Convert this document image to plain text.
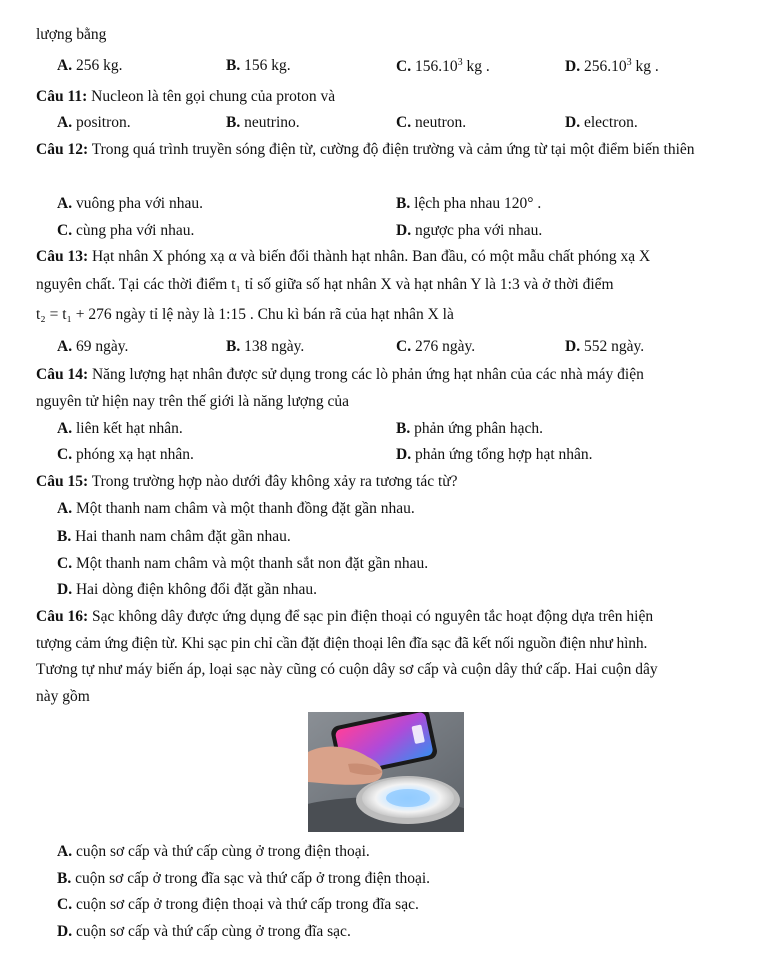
lượng bằng
A. 256 kg.	B. 156 kg.	C. 156.10$^3$ kg .	D. 256.10$^3$ kg .
Câu 11: Nucleon là tên gọi chung của proton và
A. positron.	B. neutrino.	C. neutron.	D. electron.
Câu 12: Trong quá trình truyền sóng điện từ, cường độ điện trường và cảm ứng từ tại một điểm biến thiên
A. vuông pha với nhau.	B. lệch pha nhau 120° .
C. cùng pha với nhau.	D. ngược pha với nhau.
Câu 13: Hạt nhân X phóng xạ α và biến đổi thành hạt nhân. Ban đầu, có một mẫu chất phóng xạ X
nguyên chất. Tại các thời điểm t₁ tỉ số giữa số hạt nhân X và hạt nhân Y là 1:3 và ở thời điểm
t₂ = t₁ + 276 ngày tỉ lệ này là 1:15 . Chu kì bán rã của hạt nhân X là
A. 69 ngày.	B. 138 ngày.	C. 276 ngày.	D. 552 ngày.
Câu 14: Năng lượng hạt nhân được sử dụng trong các lò phản ứng hạt nhân của các nhà máy điện
nguyên tử hiện nay trên thế giới là năng lượng của
A. liên kết hạt nhân.	B. phản ứng phân hạch.
C. phóng xạ hạt nhân.	D. phản ứng tổng hợp hạt nhân.
Câu 15: Trong trường hợp nào dưới đây không xảy ra tương tác từ?
A. Một thanh nam châm và một thanh đồng đặt gần nhau.
B. Hai thanh nam châm đặt gần nhau.
C. Một thanh nam châm và một thanh sắt non đặt gần nhau.
D. Hai dòng điện không đổi đặt gần nhau.
Câu 16: Sạc không dây được ứng dụng để sạc pin điện thoại có nguyên tắc hoạt động dựa trên hiện
tượng cảm ứng điện từ. Khi sạc pin chỉ cần đặt điện thoại lên đĩa sạc đã kết nối nguồn điện như hình.
Tương tự như máy biến áp, loại sạc này cũng có cuộn dây sơ cấp và cuộn dây thứ cấp. Hai cuộn dây
này gồm
A. cuộn sơ cấp và thứ cấp cùng ở trong điện thoại.
B. cuộn sơ cấp ở trong đĩa sạc và thứ cấp ở trong điện thoại.
C. cuộn sơ cấp ở trong điện thoại và thứ cấp trong đĩa sạc.
D. cuộn sơ cấp và thứ cấp cùng ở trong đĩa sạc.
